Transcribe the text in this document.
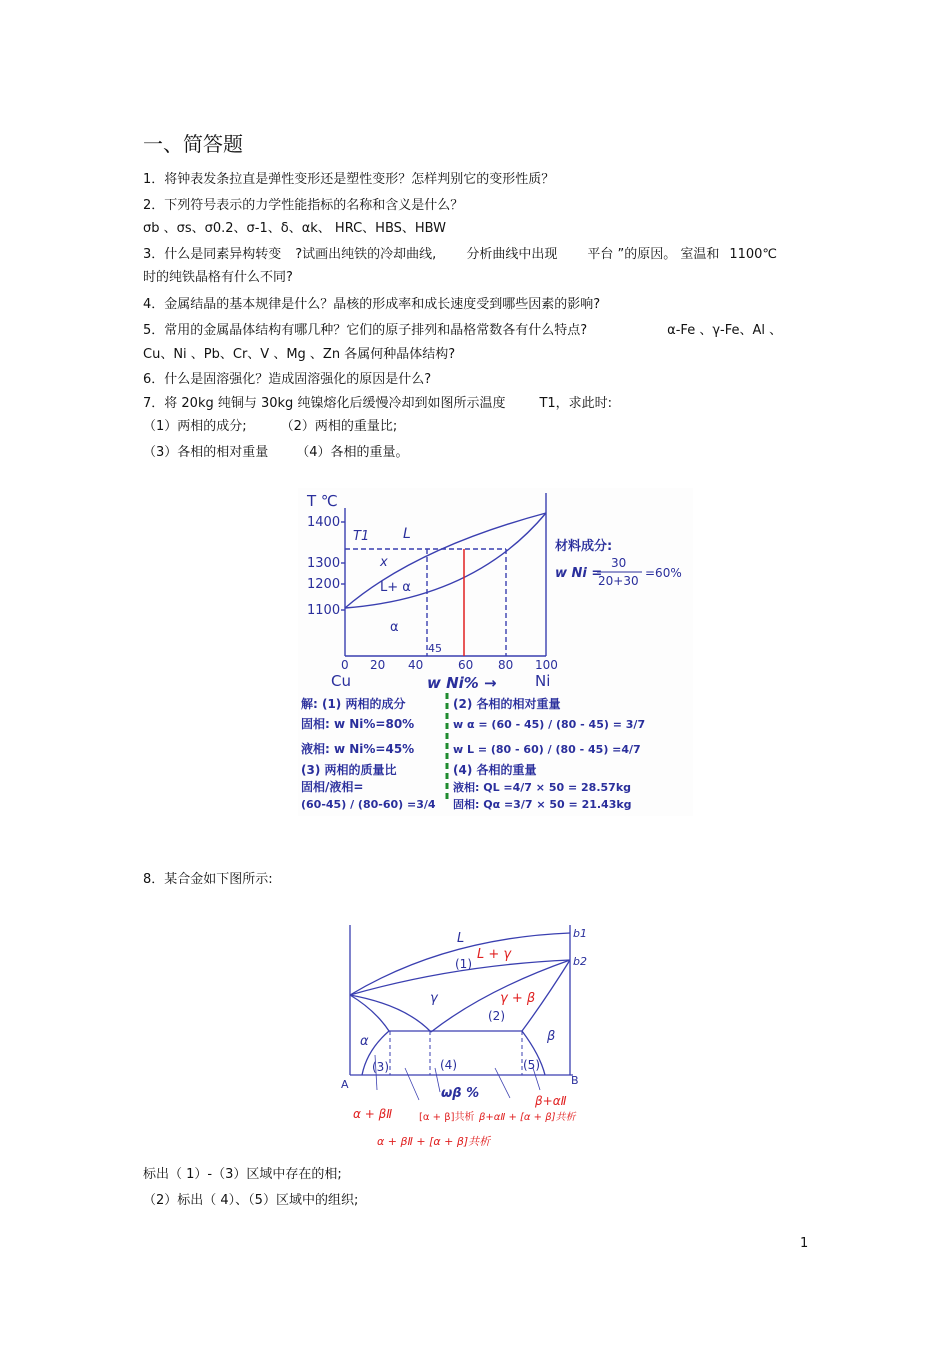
一、简答题
1．将钟表发条拉直是弹性变形还是塑性变形？怎样判别它的变形性质？
2．下列符号表示的力学性能指标的名称和含义是什么？
σb 、σs、σ0.2、σ-1、δ、αk、 HRC、HBS、HBW
3．什么是同素异构转变 ?试画出纯铁的冷却曲线, 分析曲线中出现 平台 ”的原因。 室温和 1100℃
时的纯铁晶格有什么不同?
4．金属结晶的基本规律是什么？晶核的形成率和成长速度受到哪些因素的影响?
5．常用的金属晶体结构有哪几种？它们的原子排列和晶格常数各有什么特点?	α-Fe 、γ-Fe、Al 、
Cu、Ni 、Pb、Cr、V 、Mg 、Zn 各属何种晶体结构?
6．什么是固溶强化？造成固溶强化的原因是什么?
7．将 20kg 纯铜与 30kg 纯镍熔化后缓慢冷却到如图所示温度	T1，求此时:
（1）两相的成分;	（2）两相的重量比;
（3）各相的相对重量 （4）各相的重量。
T ℃
1400
1300
1200
1100
0 20 40	60 80 100
Cu	Ni
w Ni% →
T1 L
x
L+ α
α
45
材料成分:
w Ni =
30
20+30
=60%
解: (1) 两相的成分
固相: w Ni%=80%
液相: w Ni%=45%
(3) 两相的质量比
固相/液相=
(60-45) / (80-60) =3/4
(2) 各相的相对重量
w α = (60 - 45) / (80 - 45) = 3/7
w L = (80 - 60) / (80 - 45) =4/7
(4) 各相的重量
液相: QL =4/7 × 50 = 28.57kg
固相: Qα =3/7 × 50 = 21.43kg
8．某合金如下图所示:
L	b1
b2
(1)
γ
(2)
α	β
(3)	(4)	(5)
A	B
ωβ %
L + γ
γ + β
α + βⅡ	[α + β]共析 β+αⅡ + [α + β]共析
β+αⅡ
α + βⅡ + [α + β]共析
标出（ 1）-（3）区域中存在的相;
（2）标出（ 4）、（5）区域中的组织;
1
